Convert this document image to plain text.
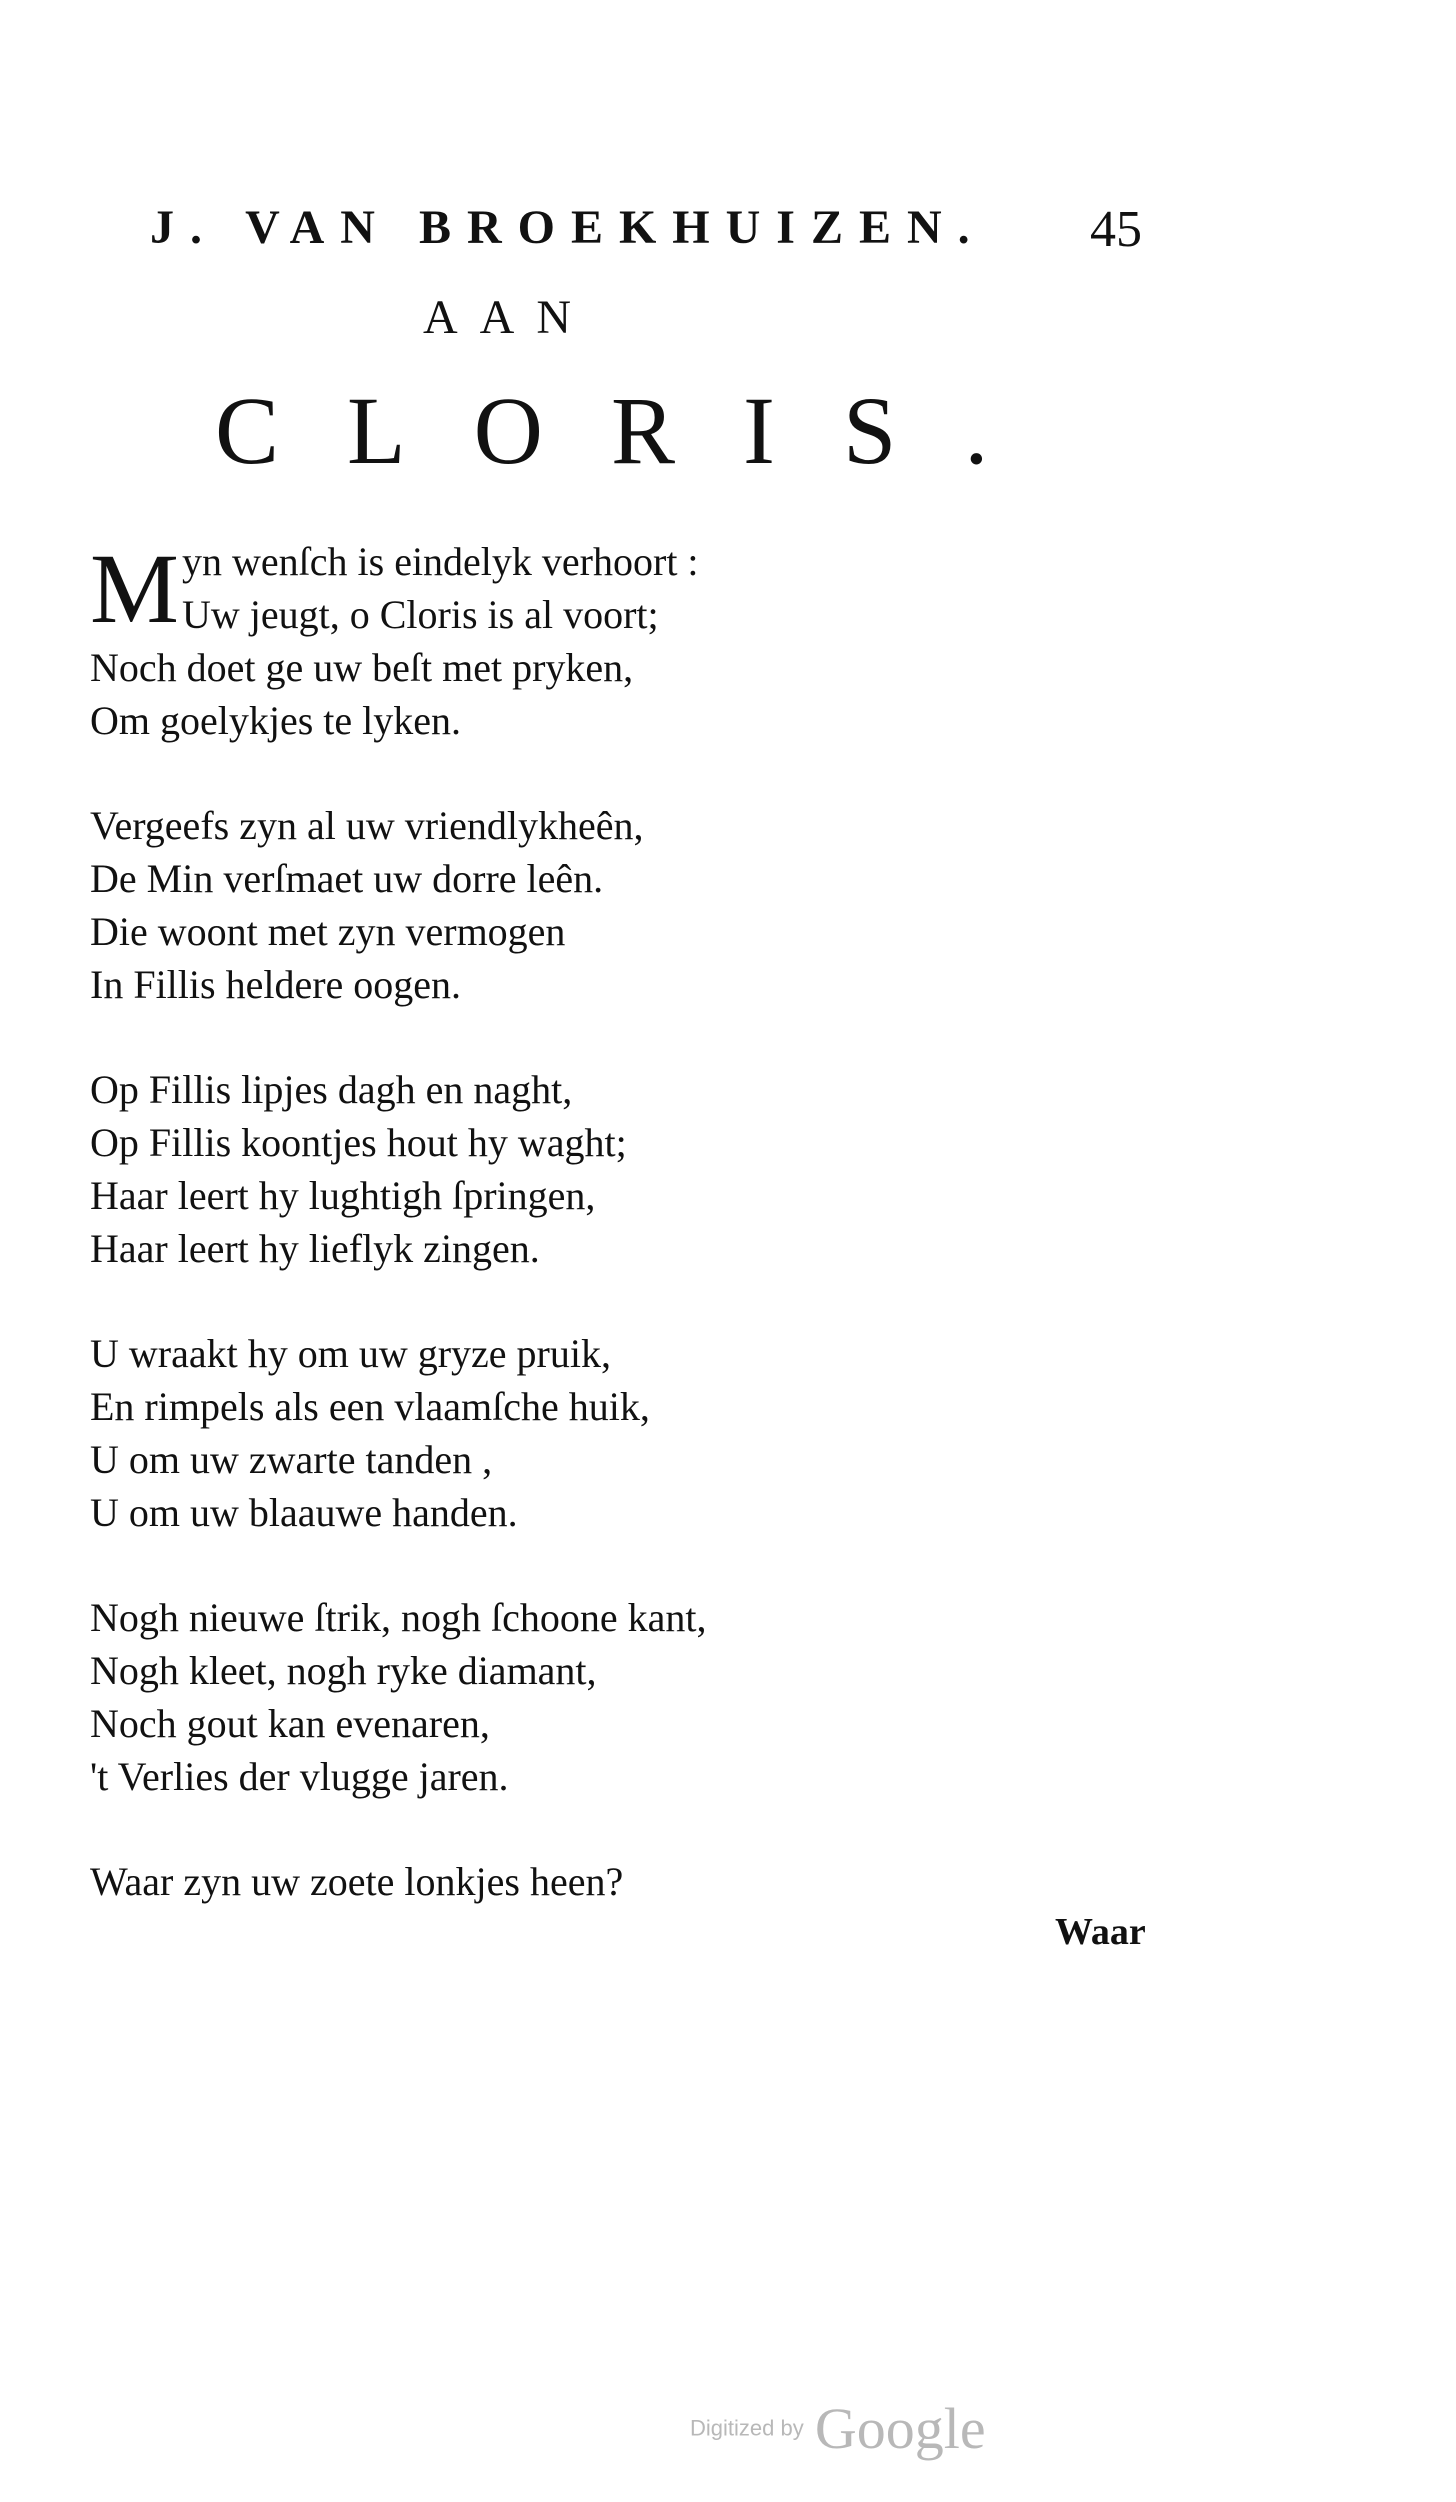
J. VAN BROEKHUIZEN. 45
AAN
CLORIS.
M yn wenſch is eindelyk verhoort :
Uw jeugt, o Cloris is al voort;
Noch doet ge uw beſt met pryken,
Om goelykjes te lyken.
Vergeefs zyn al uw vriendlykheên,
De Min verſmaet uw dorre leên.
Die woont met zyn vermogen
In Fillis heldere oogen.
Op Fillis lipjes dagh en naght,
Op Fillis koontjes hout hy waght;
Haar leert hy lughtigh ſpringen,
Haar leert hy lieflyk zingen.
U wraakt hy om uw gryze pruik,
En rimpels als een vlaamſche huik,
U om uw zwarte tanden ,
U om uw blaauwe handen.
Nogh nieuwe ſtrik, nogh ſchoone kant,
Nogh kleet, nogh ryke diamant,
Noch gout kan evenaren,
't Verlies der vlugge jaren.
Waar zyn uw zoete lonkjes heen?
Waar
Digitized by Google
